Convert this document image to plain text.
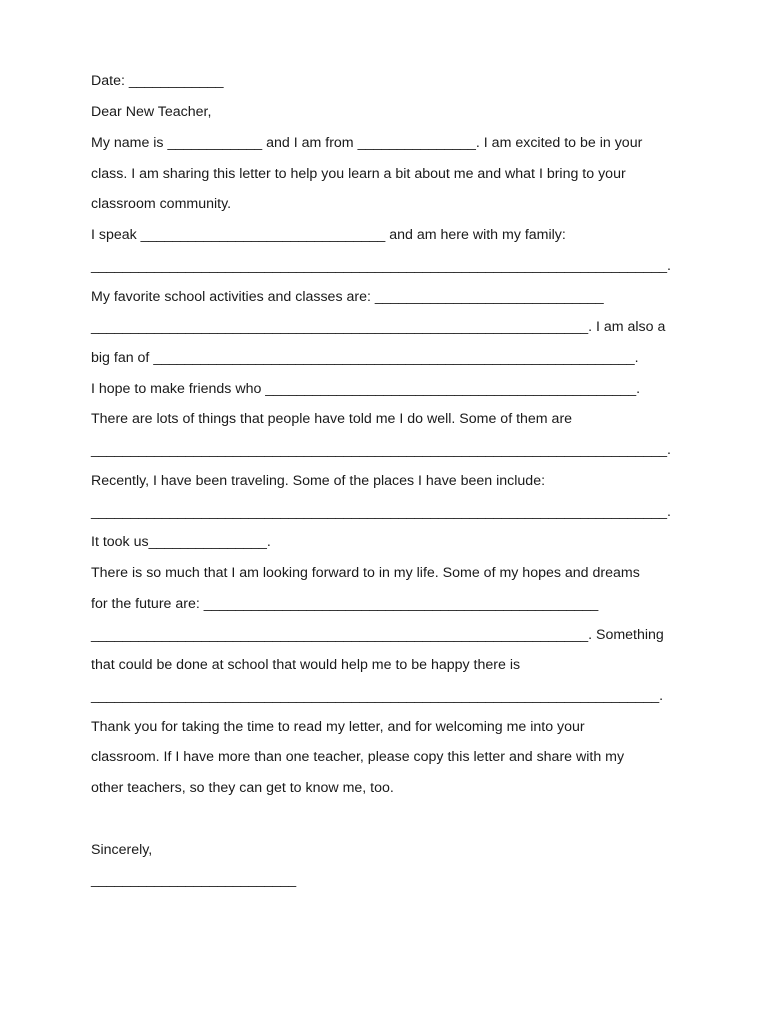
Date: ____________
Dear New Teacher,
My name is ____________ and I am from _______________. I am excited to be in your
class. I am sharing this letter to help you learn a bit about me and what I bring to your
classroom community.
I speak _______________________________ and am here with my family:
_________________________________________________________________________.
My favorite school activities and classes are: _____________________________
_______________________________________________________________. I am also a
big fan of _____________________________________________________________.
I hope to make friends who _______________________________________________.
There are lots of things that people have told me I do well. Some of them are
_________________________________________________________________________.
Recently, I have been traveling. Some of the places I have been include:
_________________________________________________________________________.
It took us_______________.
There is so much that I am looking forward to in my life. Some of my hopes and dreams
for the future are: __________________________________________________
_______________________________________________________________. Something
that could be done at school that would help me to be happy there is
________________________________________________________________________.
Thank you for taking the time to read my letter, and for welcoming me into your
classroom. If I have more than one teacher, please copy this letter and share with my
other teachers, so they can get to know me, too.
Sincerely,
__________________________
